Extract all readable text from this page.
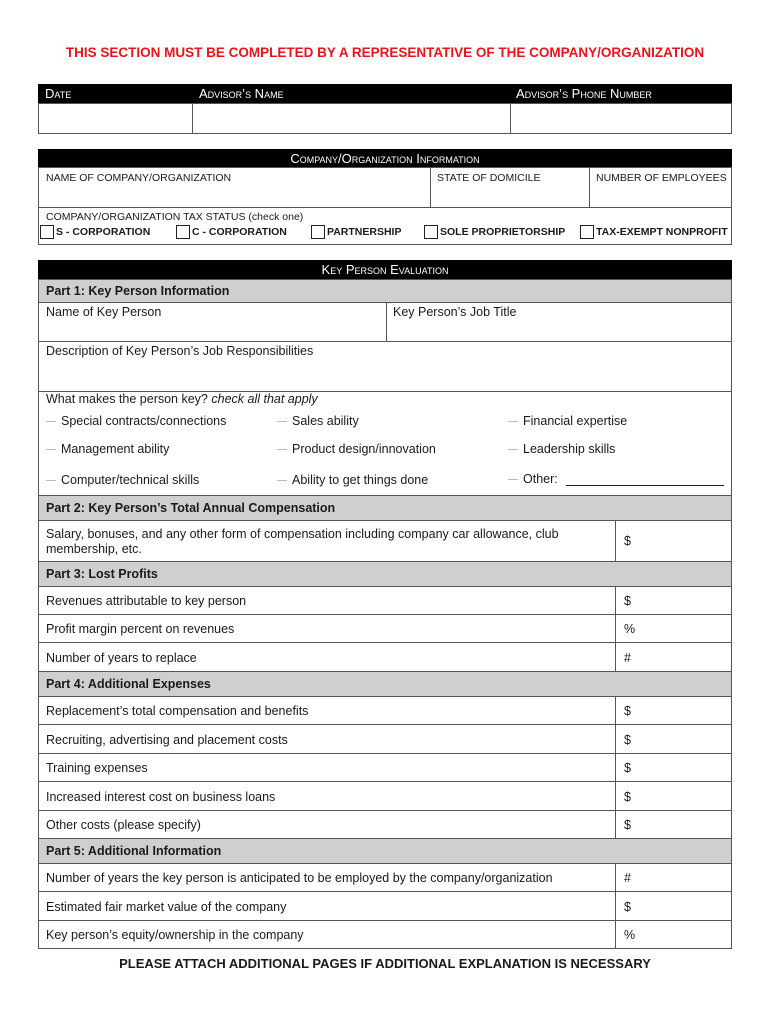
THIS SECTION MUST BE COMPLETED BY A REPRESENTATIVE OF THE COMPANY/ORGANIZATION
Date	Advisor’s Name	Advisor’s Phone Number
Company/Organization Information
NAME OF COMPANY/ORGANIZATION	STATE OF DOMICILE	NUMBER OF EMPLOYEES
COMPANY/ORGANIZATION TAX STATUS (check one)
S - CORPORATION	C - CORPORATION	PARTNERSHIP	SOLE PROPRIETORSHIP	TAX-EXEMPT NONPROFIT
Key Person Evaluation
Part 1: Key Person Information
Name of Key Person	Key Person’s Job Title
Description of Key Person’s Job Responsibilities
What makes the person key? check all that apply
Special contracts/connections	Sales ability	Financial expertise
Management ability	Product design/innovation	Leadership skills
Computer/technical skills	Ability to get things done	Other:
Part 2: Key Person’s Total Annual Compensation
Salary, bonuses, and any other form of compensation including company car allowance, club
membership, etc.
$
Part 3: Lost Profits
Revenues attributable to key person	$
Profit margin percent on revenues	%
Number of years to replace	#
Part 4: Additional Expenses
Replacement’s total compensation and benefits	$
Recruiting, advertising and placement costs	$
Training expenses	$
Increased interest cost on business loans	$
Other costs (please specify)	$
Part 5: Additional Information
Number of years the key person is anticipated to be employed by the company/organization	#
Estimated fair market value of the company	$
Key person’s equity/ownership in the company	%
PLEASE ATTACH ADDITIONAL PAGES IF ADDITIONAL EXPLANATION IS NECESSARY
